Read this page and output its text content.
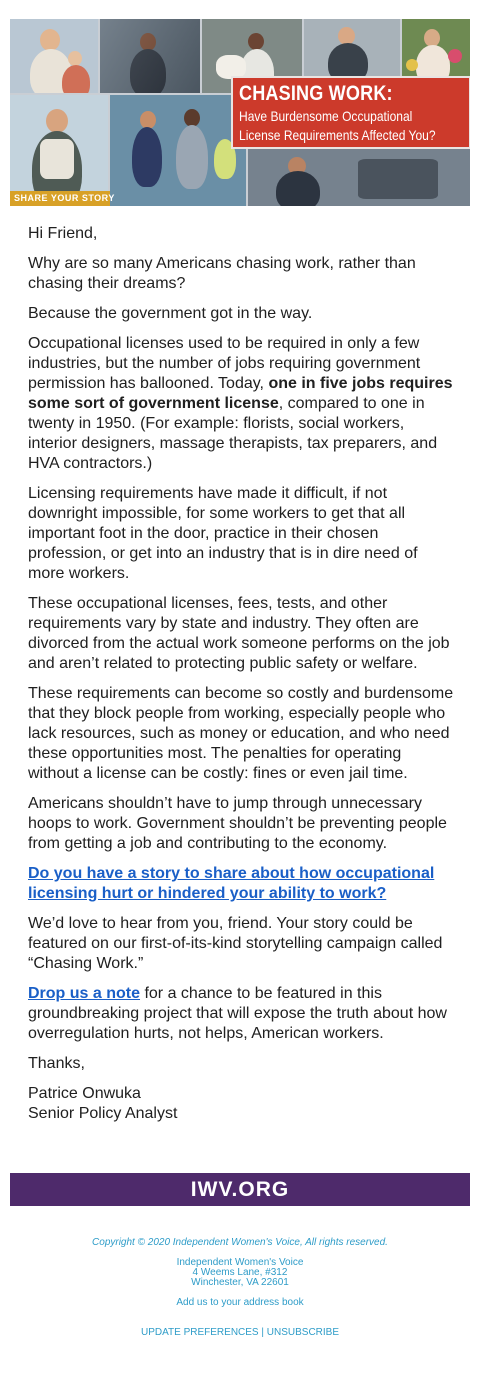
CHASING WORK:
Have Burdensome Occupational
License Requirements Affected You?
SHARE YOUR STORY

Hi Friend,

Why are so many Americans chasing work, rather than chasing their dreams?

Because the government got in the way.

Occupational licenses used to be required in only a few industries, but the number of jobs requiring government permission has ballooned. Today, one in five jobs requires some sort of government license, compared to one in twenty in 1950. (For example: florists, social workers, interior designers, massage therapists, tax preparers, and HVA contractors.)

Licensing requirements have made it difficult, if not downright impossible, for some workers to get that all important foot in the door, practice in their chosen profession, or get into an industry that is in dire need of more workers.

These occupational licenses, fees, tests, and other requirements vary by state and industry. They often are divorced from the actual work someone performs on the job and aren’t related to protecting public safety or welfare.

These requirements can become so costly and burdensome that they block people from working, especially people who lack resources, such as money or education, and who need these opportunities most. The penalties for operating without a license can be costly: fines or even jail time.

Americans shouldn’t have to jump through unnecessary hoops to work. Government shouldn’t be preventing people from getting a job and contributing to the economy.

Do you have a story to share about how occupational licensing hurt or hindered your ability to work?

We’d love to hear from you, friend. Your story could be featured on our first-of-its-kind storytelling campaign called “Chasing Work.”

Drop us a note for a chance to be featured in this groundbreaking project that will expose the truth about how overregulation hurts, not helps, American workers.

Thanks,

Patrice Onwuka
Senior Policy Analyst

IWV.ORG
Copyright © 2020 Independent Women's Voice, All rights reserved.
Independent Women's Voice
4 Weems Lane, #312
Winchester, VA 22601
Add us to your address book
UPDATE PREFERENCES | UNSUBSCRIBE
